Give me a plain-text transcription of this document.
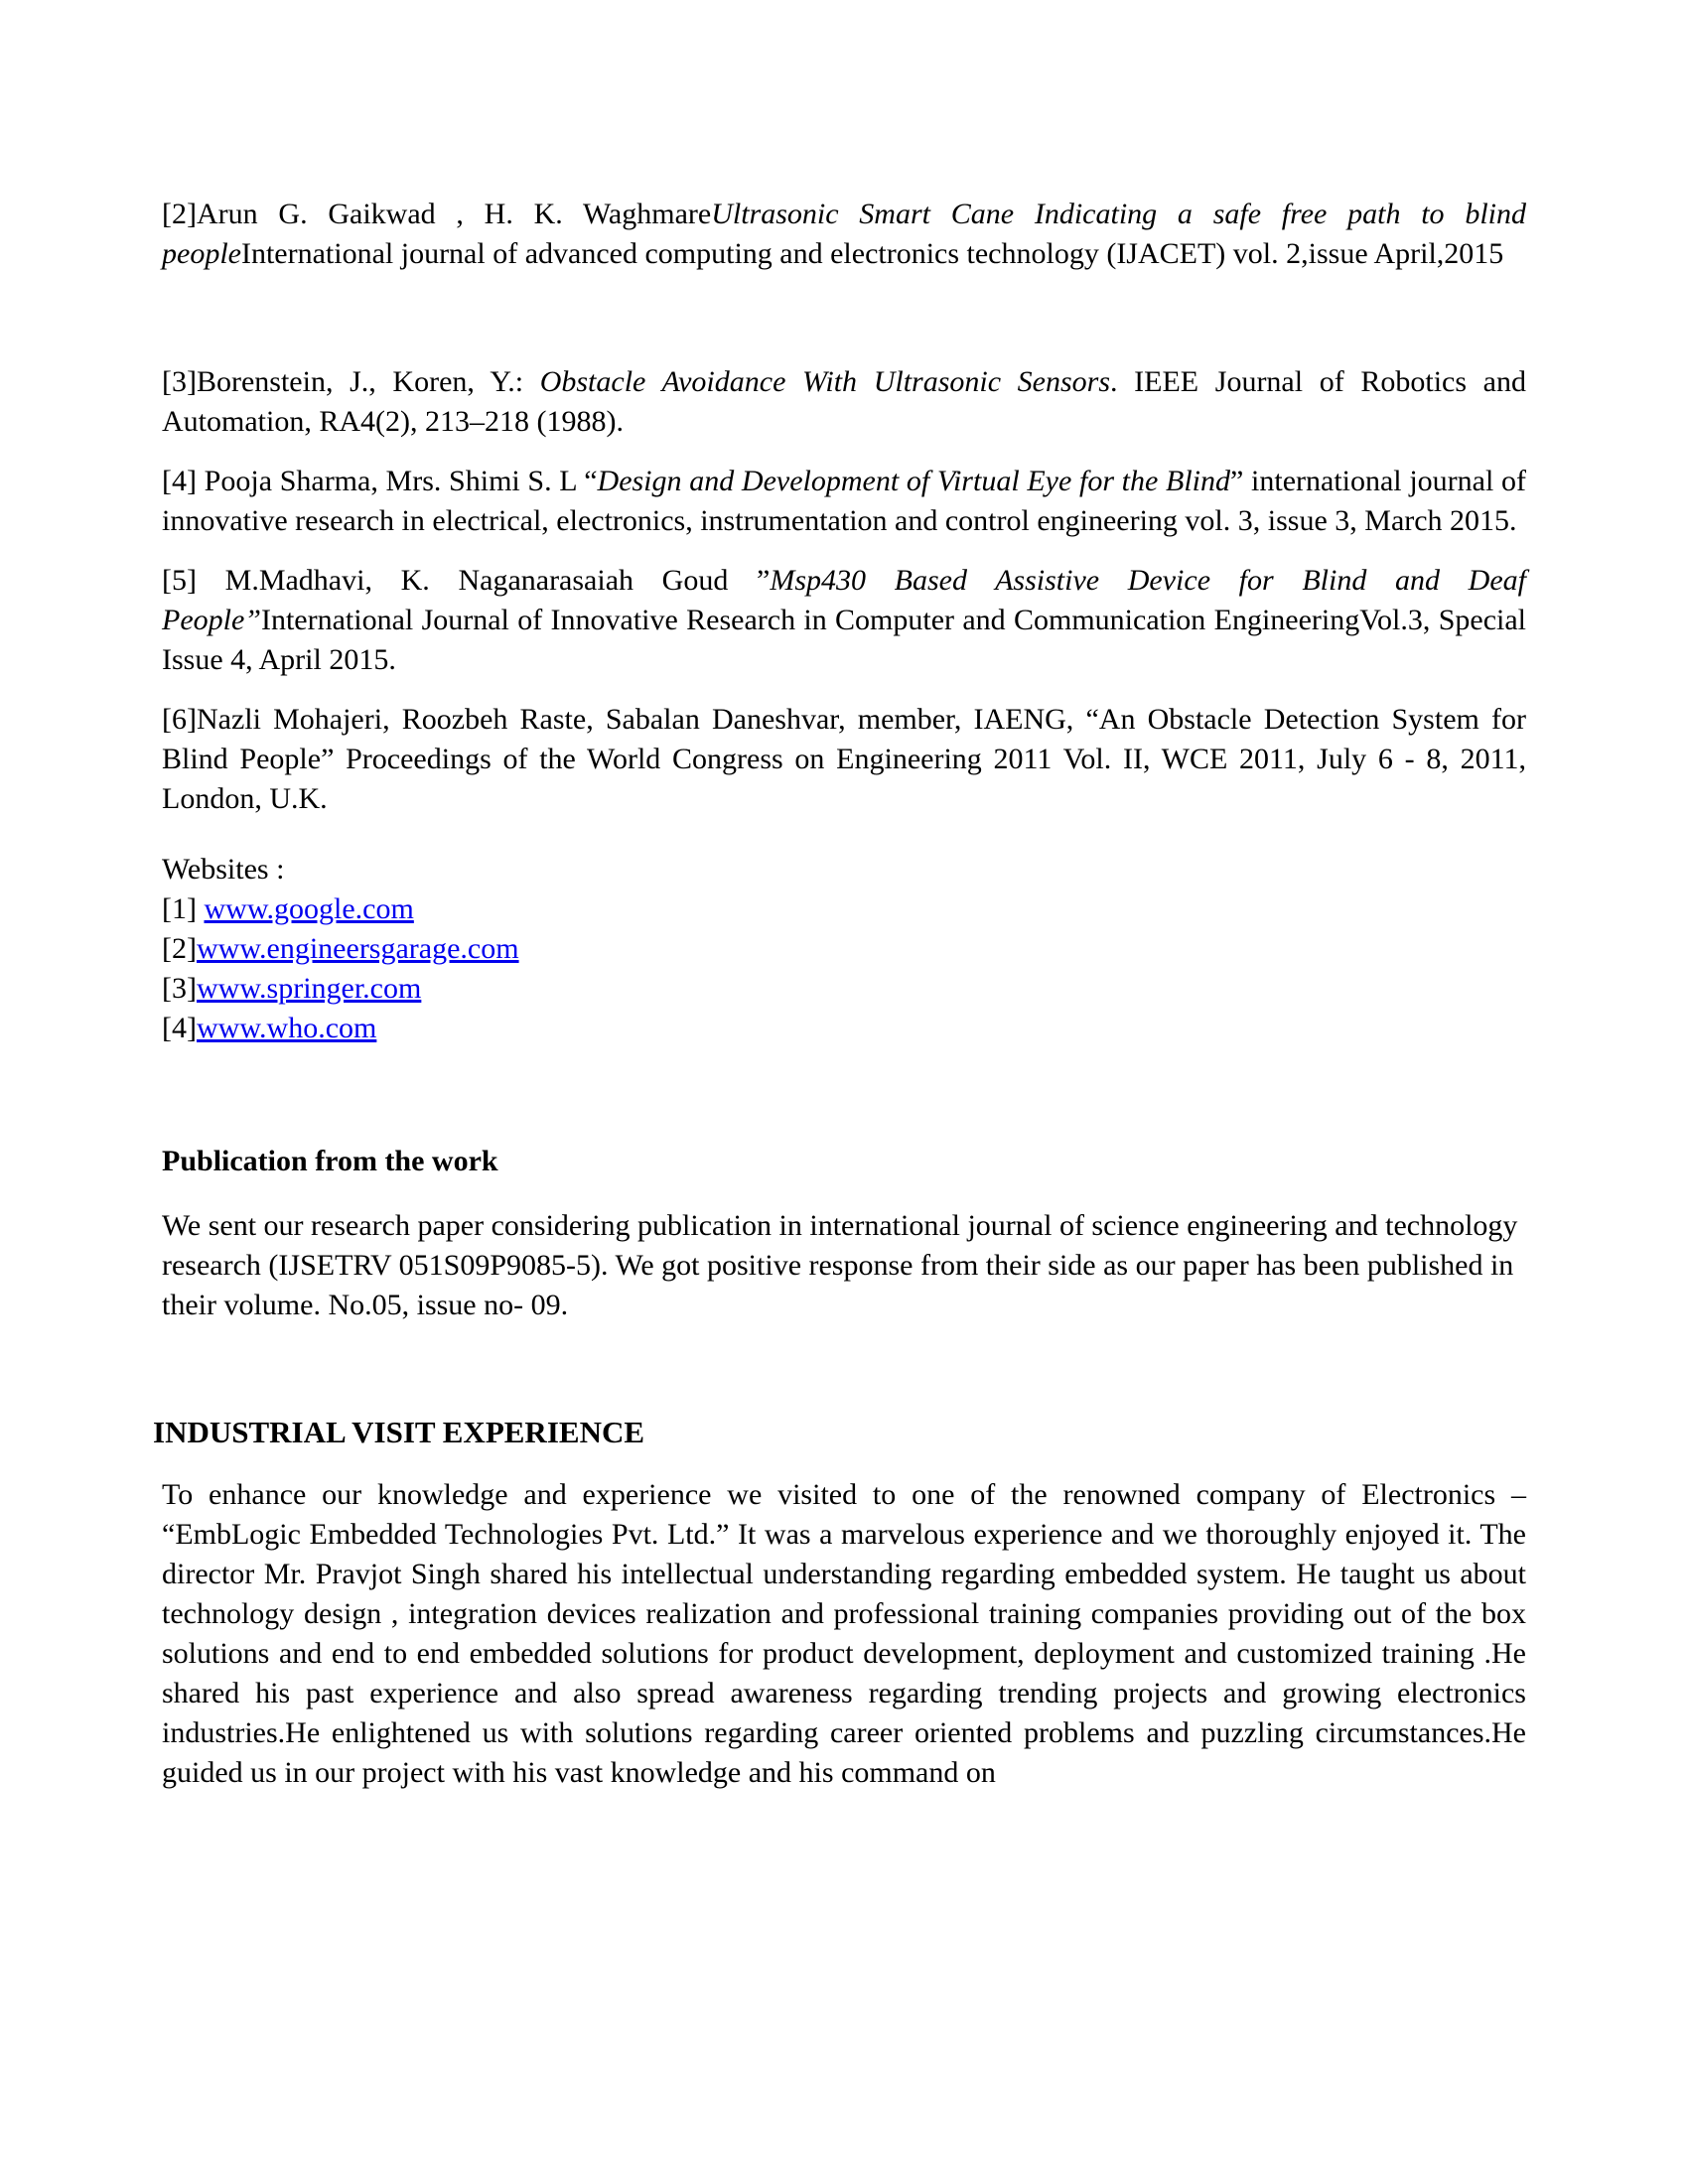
[2]Arun G. Gaikwad , H. K. WaghmareUltrasonic Smart Cane Indicating a safe free path to blind peopleInternational journal of advanced computing and electronics technology (IJACET) vol. 2,issue April,2015

[3]Borenstein, J., Koren, Y.: Obstacle Avoidance With Ultrasonic Sensors. IEEE Journal of Robotics and Automation, RA4(2), 213–218 (1988).

[4] Pooja Sharma, Mrs. Shimi S. L “Design and Development of Virtual Eye for the Blind” international journal of innovative research in electrical, electronics, instrumentation and control engineering vol. 3, issue 3, March 2015.

[5] M.Madhavi, K. Naganarasaiah Goud ”Msp430 Based Assistive Device for Blind and Deaf People”International Journal of Innovative Research in Computer and Communication EngineeringVol.3, Special Issue 4, April 2015.

[6]Nazli Mohajeri, Roozbeh Raste, Sabalan Daneshvar, member, IAENG, “An Obstacle Detection System for Blind People” Proceedings of the World Congress on Engineering 2011 Vol. II, WCE 2011, July 6 - 8, 2011, London, U.K.

Websites :

[1] www.google.com

[2]www.engineersgarage.com

[3]www.springer.com

[4]www.who.com

Publication from the work

We sent our research paper considering publication in international journal of science engineering and technology research (IJSETRV 051S09P9085-5). We got positive response from their side as our paper has been published in their volume. No.05, issue no- 09.

INDUSTRIAL VISIT EXPERIENCE

To enhance our knowledge and experience we visited to one of the renowned company of Electronics – “EmbLogic Embedded Technologies Pvt. Ltd.” It was a marvelous experience and we thoroughly enjoyed it. The director Mr. Pravjot Singh shared his intellectual understanding regarding embedded system. He taught us about technology design , integration devices realization and professional training companies providing out of the box solutions and end to end embedded solutions for product development, deployment and customized training .He shared his past experience and also spread awareness regarding trending projects and growing electronics industries.He enlightened us with solutions regarding career oriented problems and puzzling circumstances.He guided us in our project with his vast knowledge and his command on
